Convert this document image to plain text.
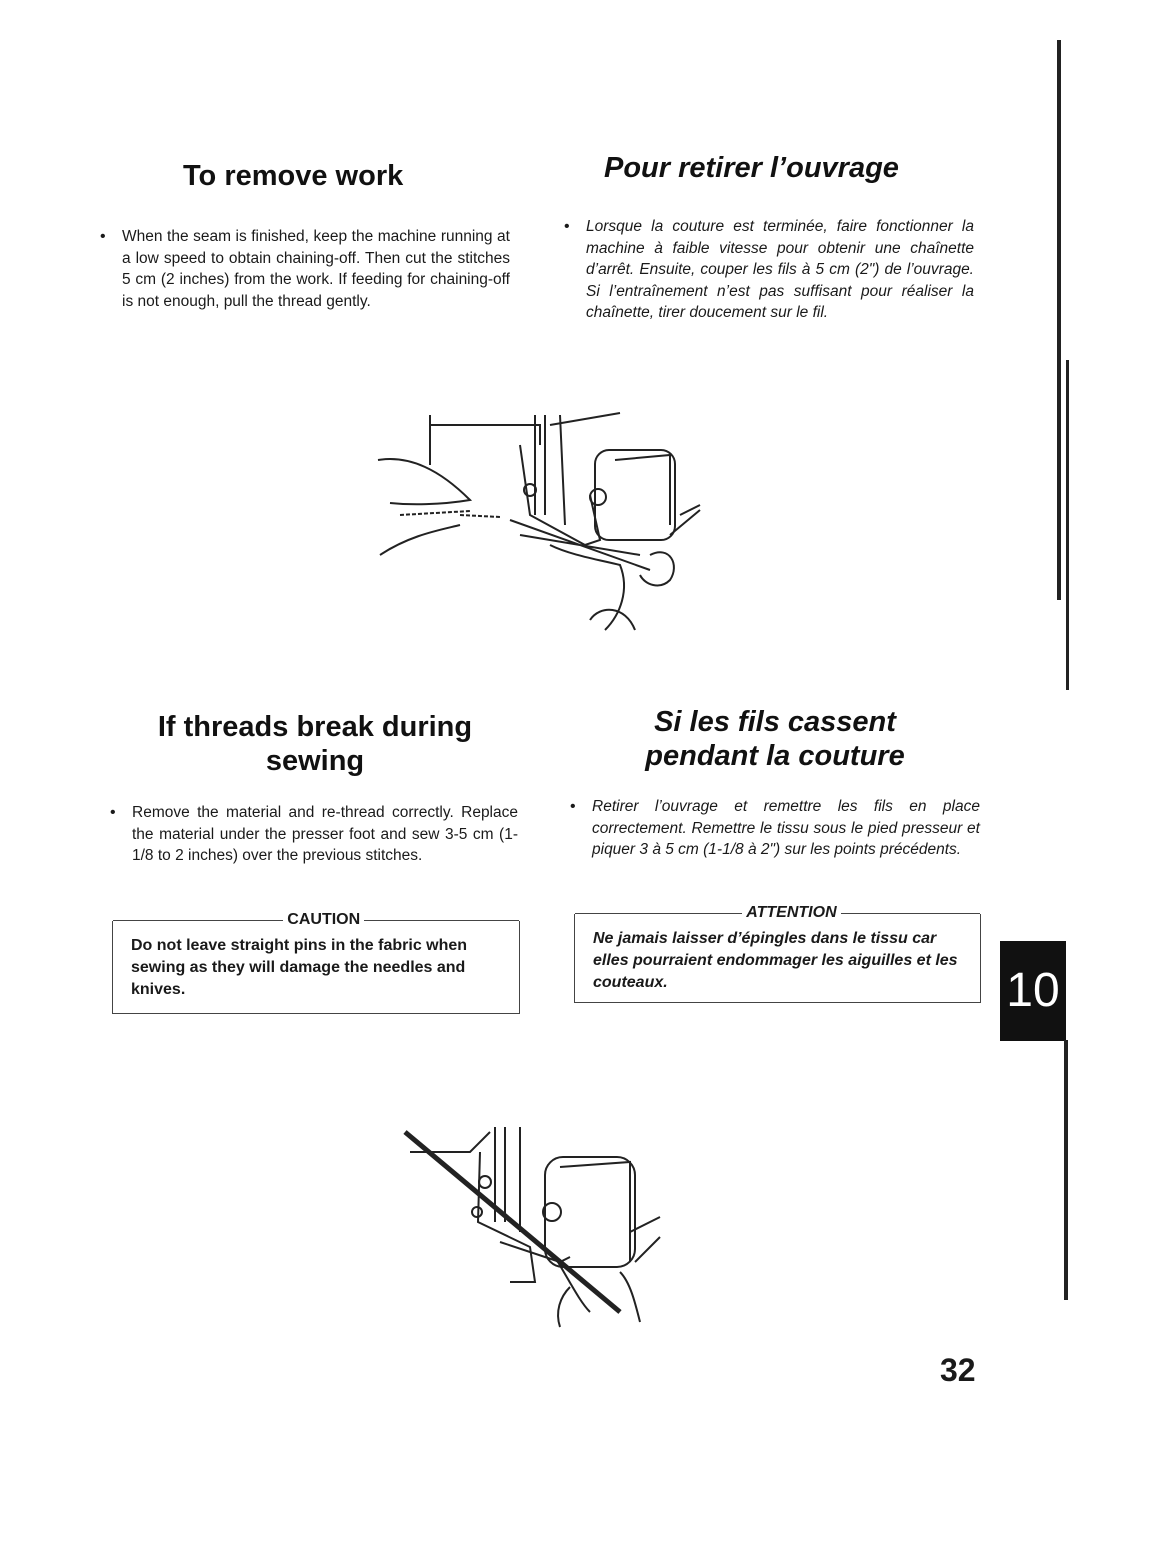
To remove work	Pour retirer l’ouvrage
• When the seam is finished, keep the machine running at a low speed to obtain chaining-off. Then cut the stitches 5 cm (2 inches) from the work. If feeding for chaining-off is not enough, pull the thread gently.
• Lorsque la couture est terminée, faire fonctionner la machine à faible vitesse pour obtenir une chaînette d’arrêt. Ensuite, couper les fils à 5 cm (2") de l’ouvrage. Si l’entraînement n’est pas suffisant pour réaliser la chaînette, tirer doucement sur le fil.
If threads break during
sewing
Si les fils cassent
pendant la couture
• Remove the material and re-thread correctly. Replace the material under the presser foot and sew 3-5 cm (1-1/8 to 2 inches) over the previous stitches.
• Retirer l’ouvrage et remettre les fils en place correctement. Remettre le tissu sous le pied presseur et piquer 3 à 5 cm (1-1/8 à 2") sur les points précédents.
CAUTION
Do not leave straight pins in the fabric when sewing as they will damage the needles and knives.
ATTENTION
Ne jamais laisser d’épingles dans le tissu car elles pourraient endommager les aiguilles et les couteaux.	10
32
